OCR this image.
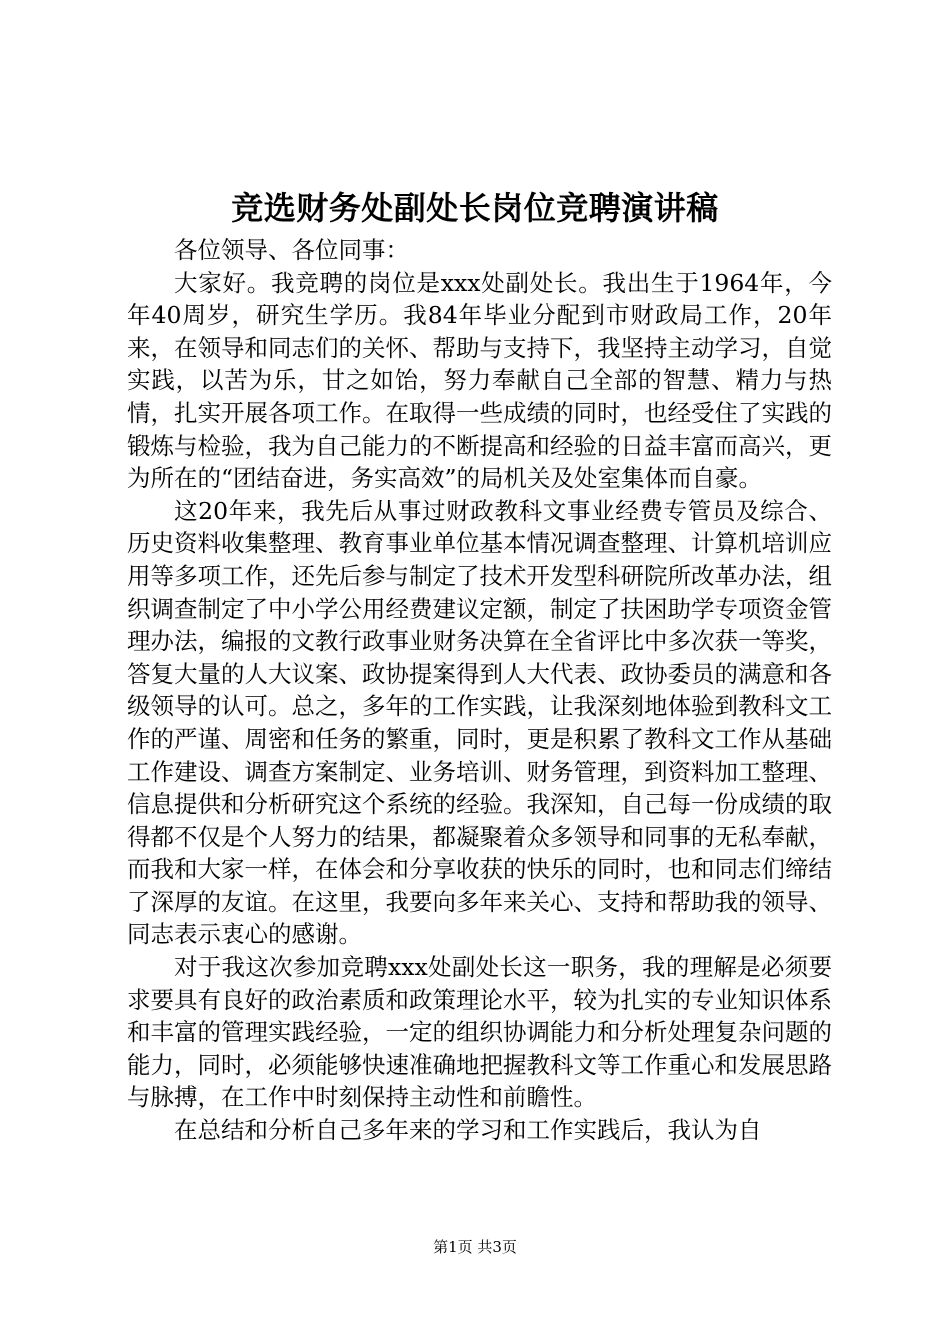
竞选财务处副处长岗位竞聘演讲稿

各位领导、各位同事：

大家好。我竞聘的岗位是xxx处副处长。我出生于1964年，今年40周岁，研究生学历。我84年毕业分配到市财政局工作，20年来，在领导和同志们的关怀、帮助与支持下，我坚持主动学习，自觉实践，以苦为乐，甘之如饴，努力奉献自己全部的智慧、精力与热情，扎实开展各项工作。在取得一些成绩的同时，也经受住了实践的锻炼与检验，我为自己能力的不断提高和经验的日益丰富而高兴，更为所在的“团结奋进，务实高效”的局机关及处室集体而自豪。

这20年来，我先后从事过财政教科文事业经费专管员及综合、历史资料收集整理、教育事业单位基本情况调查整理、计算机培训应用等多项工作，还先后参与制定了技术开发型科研院所改革办法，组织调查制定了中小学公用经费建议定额，制定了扶困助学专项资金管理办法，编报的文教行政事业财务决算在全省评比中多次获一等奖，答复大量的人大议案、政协提案得到人大代表、政协委员的满意和各级领导的认可。总之，多年的工作实践，让我深刻地体验到教科文工作的严谨、周密和任务的繁重，同时，更是积累了教科文工作从基础工作建设、调查方案制定、业务培训、财务管理，到资料加工整理、信息提供和分析研究这个系统的经验。我深知，自己每一份成绩的取得都不仅是个人努力的结果，都凝聚着众多领导和同事的无私奉献，而我和大家一样，在体会和分享收获的快乐的同时，也和同志们缔结了深厚的友谊。在这里，我要向多年来关心、支持和帮助我的领导、同志表示衷心的感谢。

对于我这次参加竞聘xxx处副处长这一职务，我的理解是必须要求要具有良好的政治素质和政策理论水平，较为扎实的专业知识体系和丰富的管理实践经验，一定的组织协调能力和分析处理复杂问题的能力，同时，必须能够快速准确地把握教科文等工作重心和发展思路与脉搏，在工作中时刻保持主动性和前瞻性。

在总结和分析自己多年来的学习和工作实践后，我认为自

第1页 共3页
